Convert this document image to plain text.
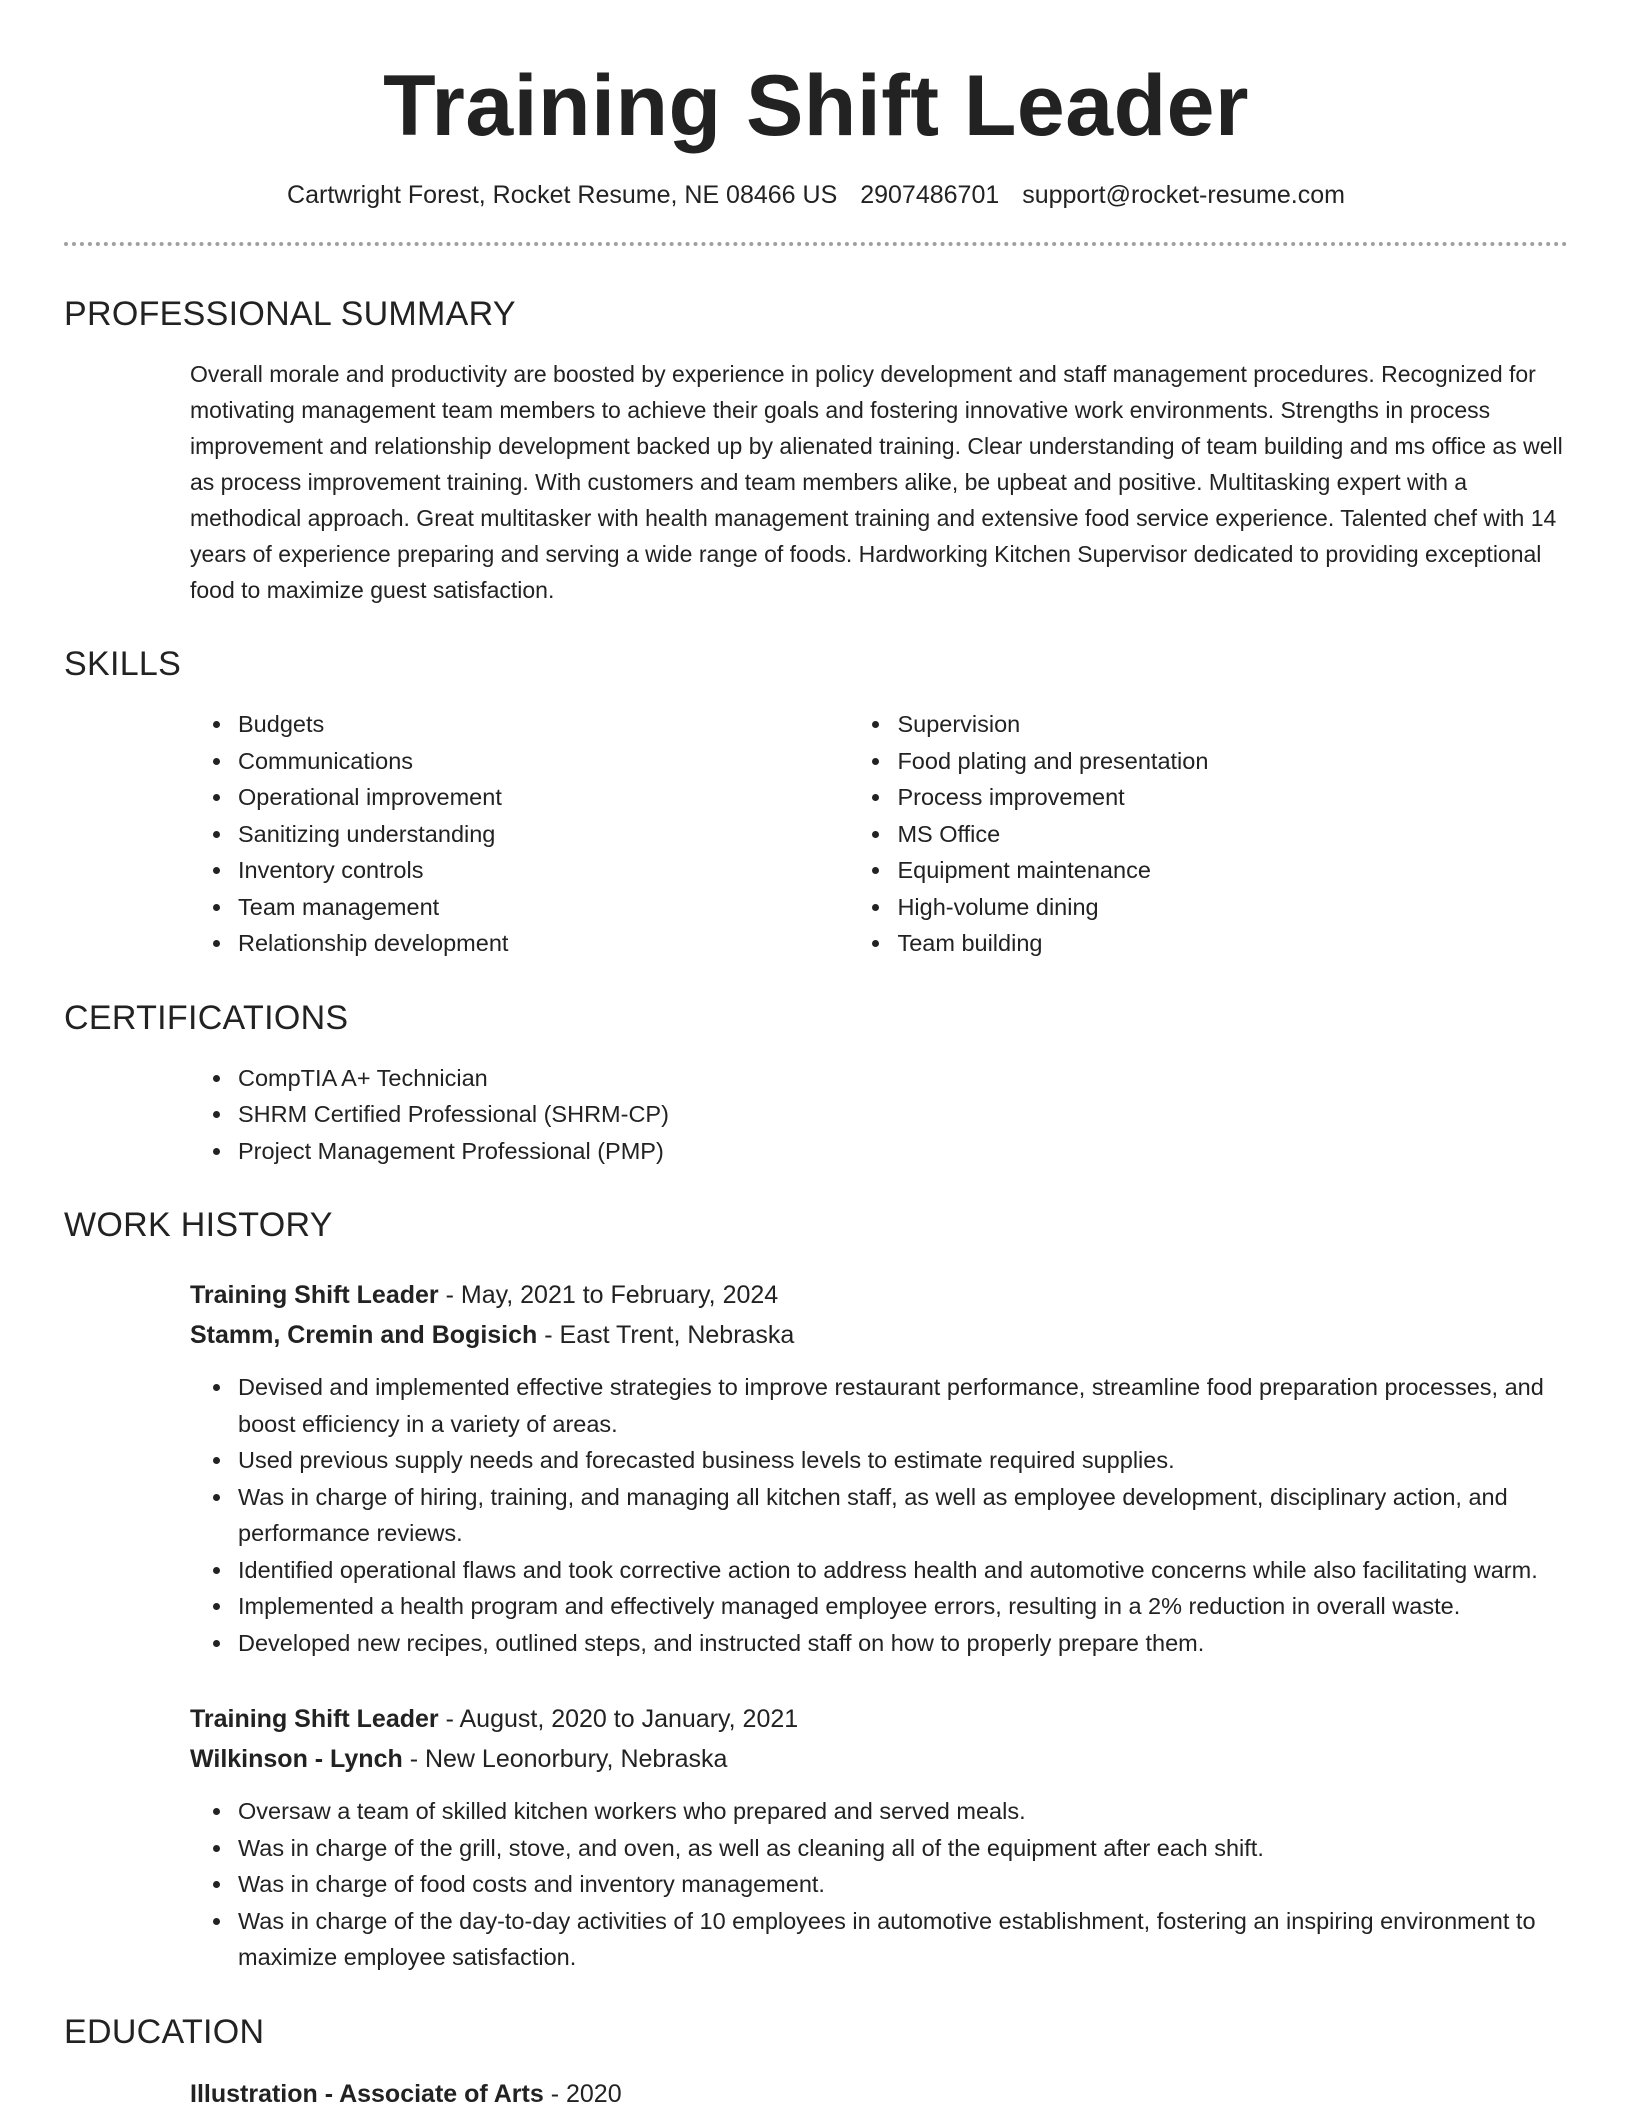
Training Shift Leader
Cartwright Forest, Rocket Resume, NE 08466 US 2907486701 support@rocket-resume.com
PROFESSIONAL SUMMARY

Overall morale and productivity are boosted by experience in policy development and staff management procedures. Recognized for motivating management team members to achieve their goals and fostering innovative work environments. Strengths in process improvement and relationship development backed up by alienated training. Clear understanding of team building and ms office as well as process improvement training. With customers and team members alike, be upbeat and positive. Multitasking expert with a methodical approach. Great multitasker with health management training and extensive food service experience. Talented chef with 14 years of experience preparing and serving a wide range of foods. Hardworking Kitchen Supervisor dedicated to providing exceptional food to maximize guest satisfaction.

SKILLS
• Budgets
• Communications
• Operational improvement
• Sanitizing understanding
• Inventory controls
• Team management
• Relationship development
• Supervision
• Food plating and presentation
• Process improvement
• MS Office
• Equipment maintenance
• High-volume dining
• Team building
CERTIFICATIONS
• CompTIA A+ Technician
• SHRM Certified Professional (SHRM-CP)
• Project Management Professional (PMP)
WORK HISTORY
Training Shift Leader - May, 2021 to February, 2024
Stamm, Cremin and Bogisich - East Trent, Nebraska
• Devised and implemented effective strategies to improve restaurant performance, streamline food preparation processes, and boost efficiency in a variety of areas.
• Used previous supply needs and forecasted business levels to estimate required supplies.
• Was in charge of hiring, training, and managing all kitchen staff, as well as employee development, disciplinary action, and performance reviews.
• Identified operational flaws and took corrective action to address health and automotive concerns while also facilitating warm.
• Implemented a health program and effectively managed employee errors, resulting in a 2% reduction in overall waste.
• Developed new recipes, outlined steps, and instructed staff on how to properly prepare them.
Training Shift Leader - August, 2020 to January, 2021
Wilkinson - Lynch - New Leonorbury, Nebraska
• Oversaw a team of skilled kitchen workers who prepared and served meals.
• Was in charge of the grill, stove, and oven, as well as cleaning all of the equipment after each shift.
• Was in charge of food costs and inventory management.
• Was in charge of the day-to-day activities of 10 employees in automotive establishment, fostering an inspiring environment to maximize employee satisfaction.
EDUCATION
Illustration - Associate of Arts - 2020
